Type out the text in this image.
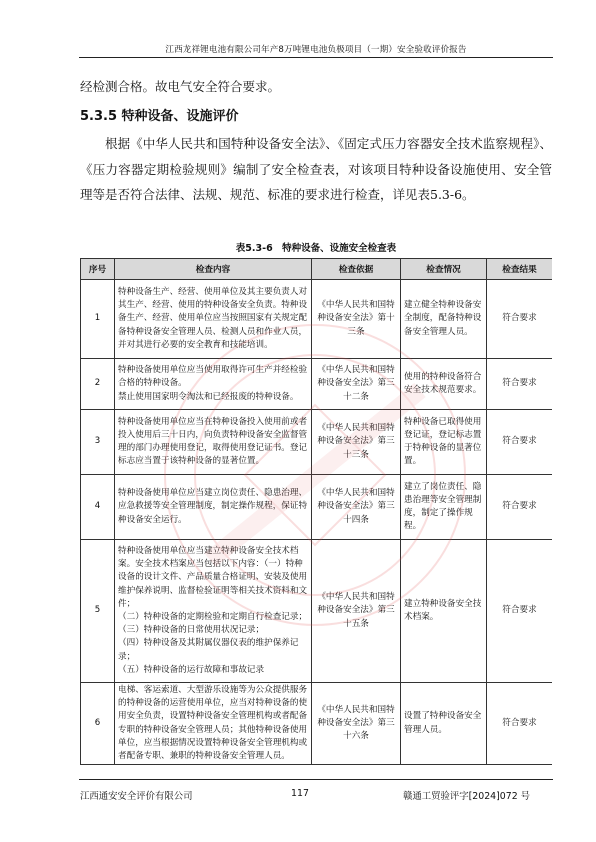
江西龙祥锂电池有限公司年产8万吨锂电池负极项目（一期）安全验收评价报告
经检测合格。故电气安全符合要求。
5.3.5 特种设备、设施评价
根据《中华人民共和国特种设备安全法》、《固定式压力容器安全技术监察规程》、《压力容器定期检验规则》编制了安全检查表，对该项目特种设备设施使用、安全管理等是否符合法律、法规、规范、标准的要求进行检查，详见表5.3-6。
表5.3-6　特种设备、设施安全检查表
序号	检查内容	检查依据	检查情况	检查结果
1	特种设备生产、经营、使用单位及其主要负责人对其生产、经营、使用的特种设备安全负责。特种设备生产、经营、使用单位应当按照国家有关规定配备特种设备安全管理人员、检测人员和作业人员，并对其进行必要的安全教育和技能培训。	《中华人民共和国特种设备安全法》第十三条	建立健全特种设备安全制度，配备特种设备安全管理人员。	符合要求
2	特种设备使用单位应当使用取得许可生产并经检验合格的特种设备。
禁止使用国家明令淘汰和已经报废的特种设备。	《中华人民共和国特种设备安全法》第三十二条	使用的特种设备符合安全技术规范要求。	符合要求
3	特种设备使用单位应当在特种设备投入使用前或者投入使用后三十日内，向负责特种设备安全监督管理的部门办理使用登记，取得使用登记证书。登记标志应当置于该特种设备的显著位置。	《中华人民共和国特种设备安全法》第三十三条	特种设备已取得使用登记证，登记标志置于特种设备的显著位置。	符合要求
4	特种设备使用单位应当建立岗位责任、隐患治理、应急救援等安全管理制度，制定操作规程，保证特种设备安全运行。	《中华人民共和国特种设备安全法》第三十四条	建立了岗位责任、隐患治理等安全管理制度，制定了操作规程。	符合要求
5	特种设备使用单位应当建立特种设备安全技术档案。安全技术档案应当包括以下内容：（一）特种设备的设计文件、产品质量合格证明、安装及使用维护保养说明、监督检验证明等相关技术资料和文件；
（二）特种设备的定期检验和定期自行检查记录；
（三）特种设备的日常使用状况记录；
（四）特种设备及其附属仪器仪表的维护保养记录；
（五）特种设备的运行故障和事故记录	《中华人民共和国特种设备安全法》第三十五条	建立特种设备安全技术档案。	符合要求
6	电梯、客运索道、大型游乐设施等为公众提供服务的特种设备的运营使用单位，应当对特种设备的使用安全负责，设置特种设备安全管理机构或者配备专职的特种设备安全管理人员；其他特种设备使用单位，应当根据情况设置特种设备安全管理机构或者配备专职、兼职的特种设备安全管理人员。	《中华人民共和国特种设备安全法》第三十六条	设置了特种设备安全管理人员。	符合要求
江西通安安全评价有限公司	117	赣通工贸验评字[2024]072 号
